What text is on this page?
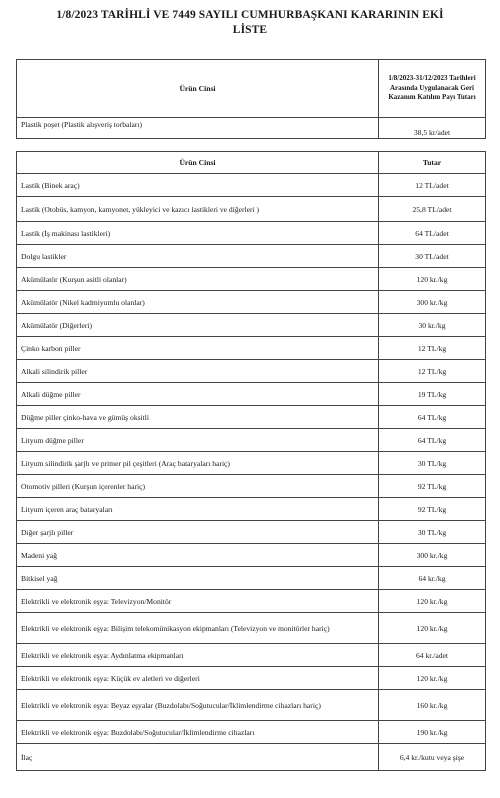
1/8/2023 TARİHLİ VE 7449 SAYILI CUMHURBAŞKANI KARARININ EKİ
LİSTE
Ürün Cinsi	1/8/2023-31/12/2023 Tarihleri Arasında Uygulanacak Geri Kazanım Katılım Payı Tutarı
Plastik poşet (Plastik alışveriş torbaları)	38,5 kr/adet
Ürün Cinsi	Tutar
Lastik (Binek araç)	12 TL/adet
Lastik (Otobüs, kamyon, kamyonet, yükleyici ve kazıcı lastikleri ve diğerleri )	25,8 TL/adet
Lastik (İş makinası lastikleri)	64 TL/adet
Dolgu lastikler	30 TL/adet
Akümülatör (Kurşun asitli olanlar)	120 kr./kg
Akümülatör (Nikel kadmiyumlu olanlar)	300 kr./kg
Akümülatör (Diğerleri)	30 kr./kg
Çinko karbon piller	12 TL/kg
Alkali silindirik piller	12 TL/kg
Alkali düğme piller	19 TL/kg
Düğme piller çinko-hava ve gümüş oksitli	64 TL/kg
Lityum düğme piller	64 TL/kg
Lityum silindirik şarjlı ve primer pil çeşitleri (Araç bataryaları hariç)	30 TL/kg
Otomotiv pilleri (Kurşun içerenler hariç)	92 TL/kg
Lityum içeren araç bataryaları	92 TL/kg
Diğer şarjlı piller	30 TL/kg
Madeni yağ	300 kr./kg
Bitkisel yağ	64 kr./kg
Elektrikli ve elektronik eşya: Televizyon/Monitör	120 kr./kg
Elektrikli ve elektronik eşya: Bilişim telekomünikasyon ekipmanları (Televizyon ve monitörler hariç)	120 kr./kg
Elektrikli ve elektronik eşya: Aydınlatma ekipmanları	64 kr./adet
Elektrikli ve elektronik eşya: Küçük ev aletleri ve diğerleri	120 kr./kg
Elektrikli ve elektronik eşya: Beyaz eşyalar (Buzdolabı/Soğutucular/İklimlendirme cihazları hariç)	160 kr./kg
Elektrikli ve elektronik eşya: Buzdolabı/Soğutucular/İklimlendirme cihazları	190 kr./kg
İlaç	6,4 kr./kutu veya şişe
